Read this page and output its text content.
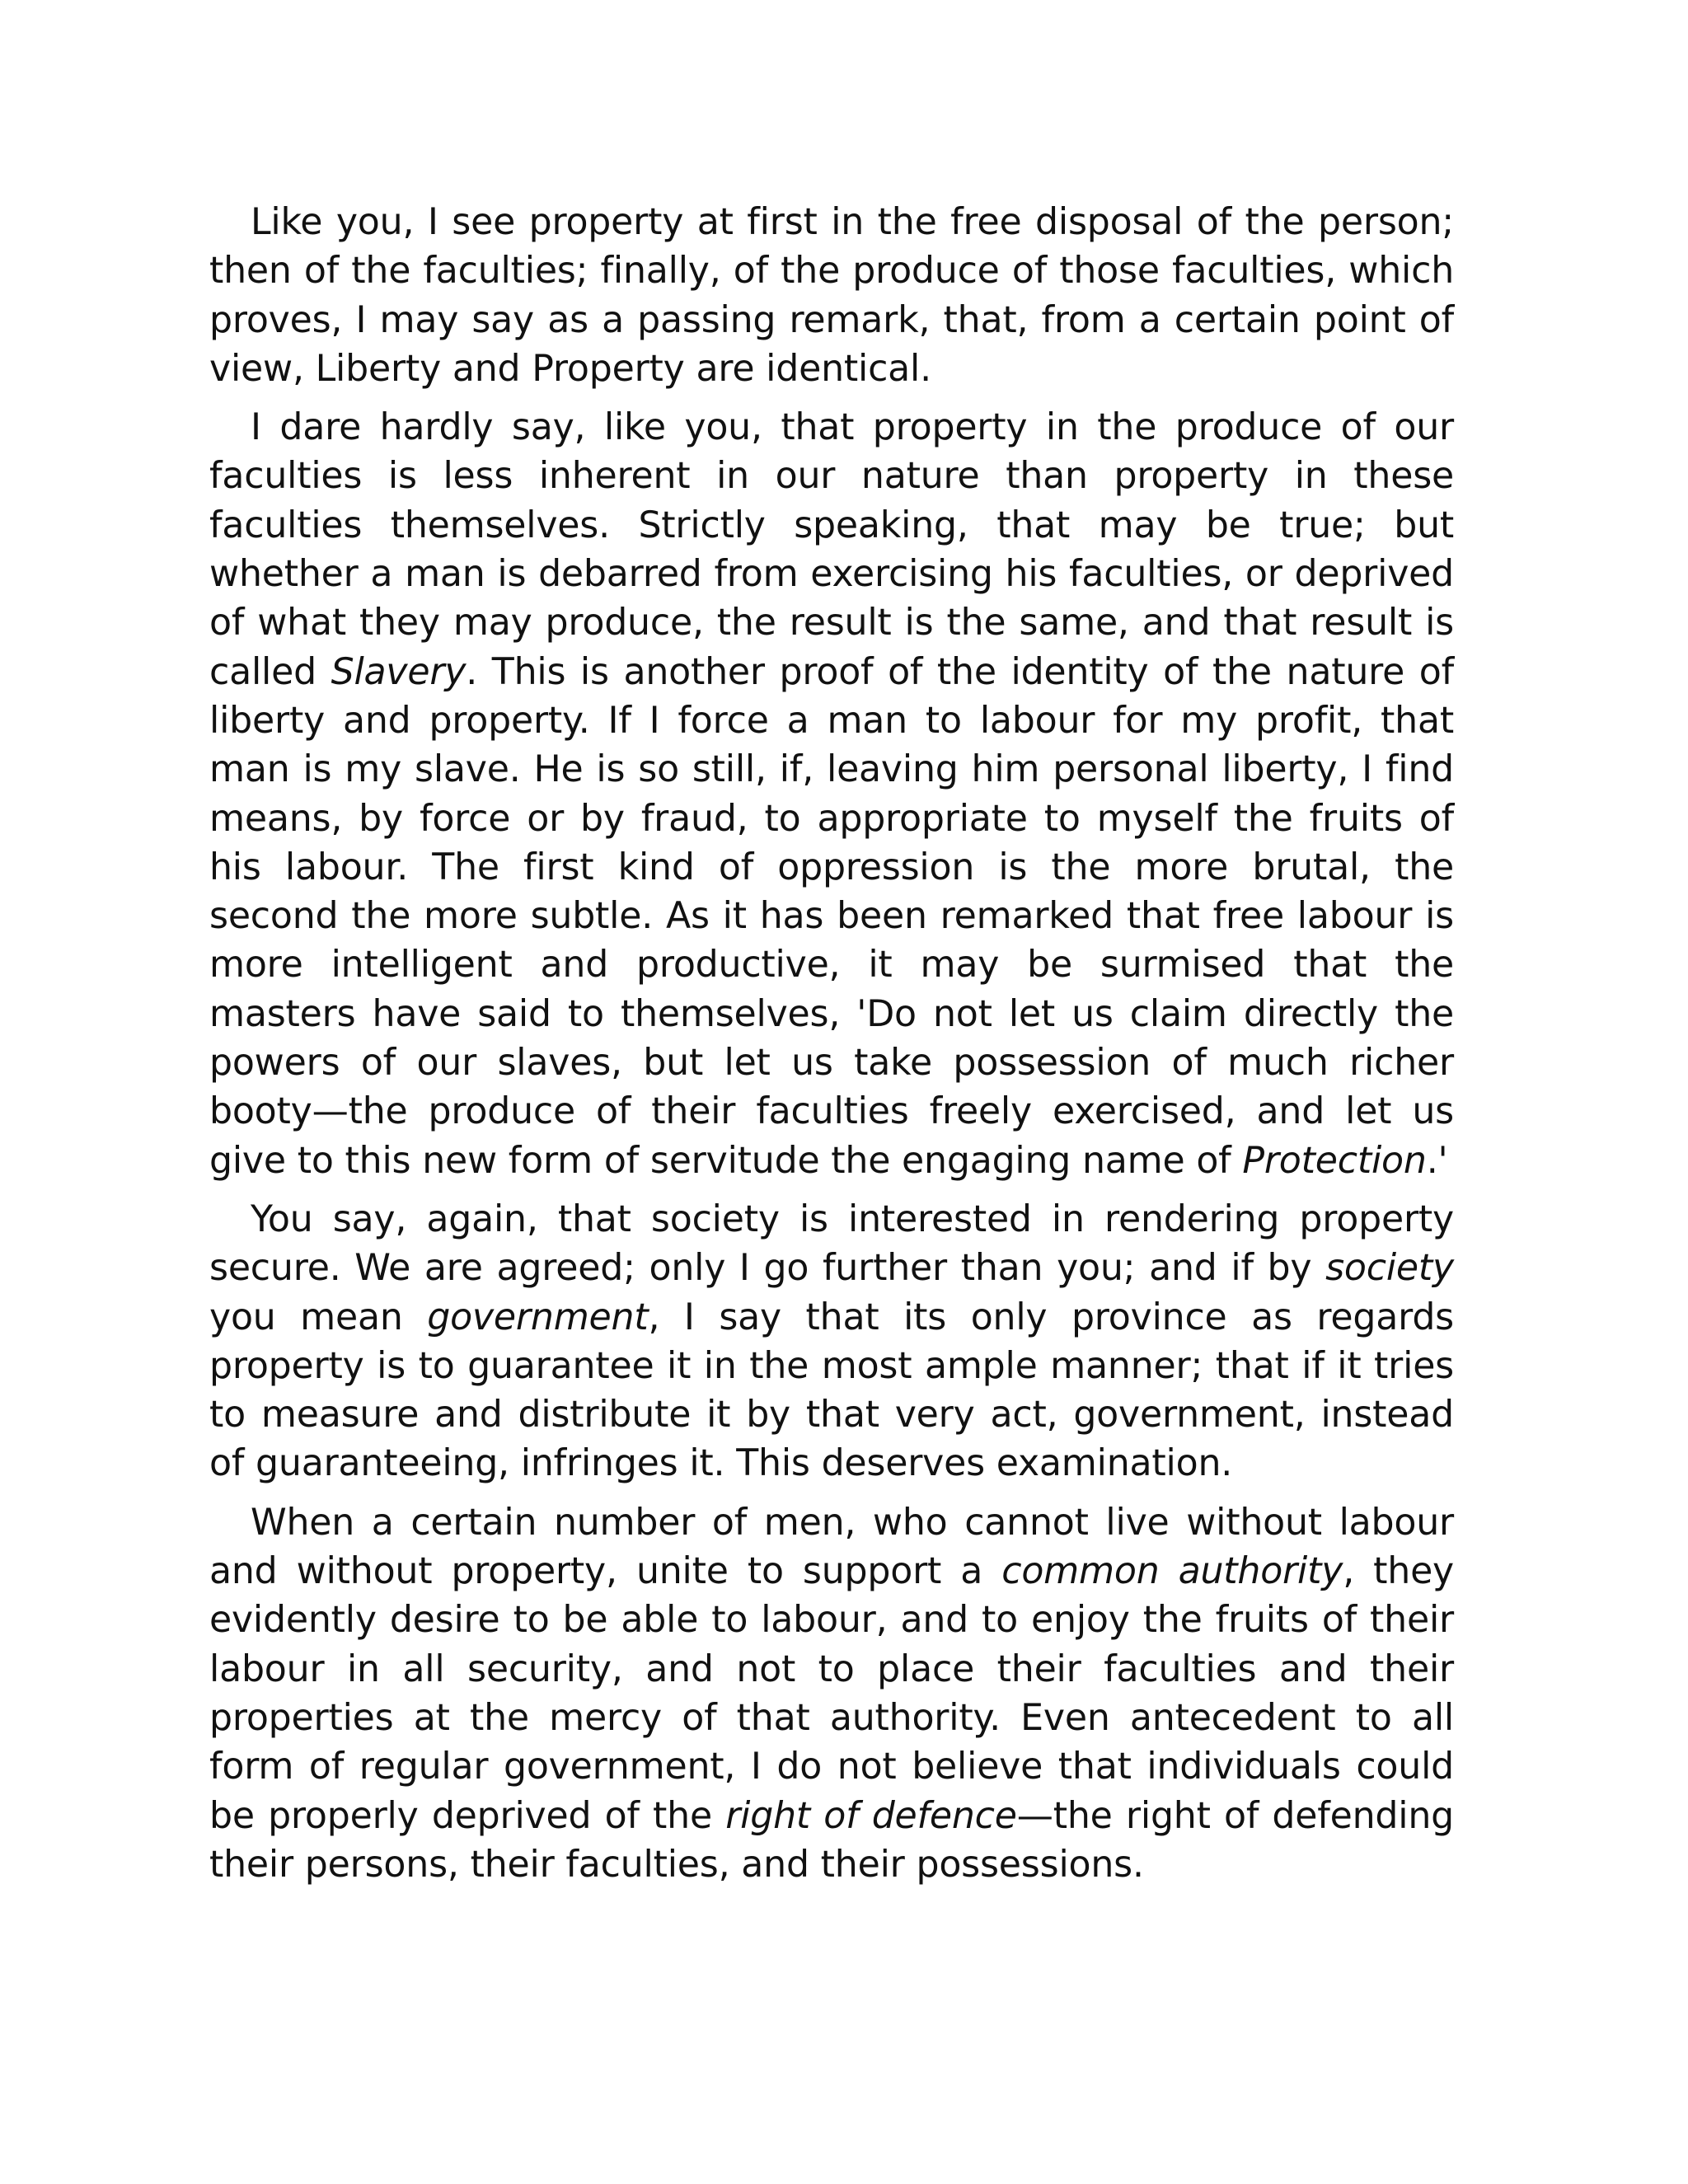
Like you, I see property at first in the free disposal of the person; then of the faculties; finally, of the produce of those faculties, which proves, I may say as a passing remark, that, from a certain point of view, Liberty and Property are identical.

I dare hardly say, like you, that property in the produce of our faculties is less inherent in our nature than property in these faculties themselves. Strictly speaking, that may be true; but whether a man is debarred from exercising his faculties, or deprived of what they may produce, the result is the same, and that result is called Slavery. This is another proof of the identity of the nature of liberty and property. If I force a man to labour for my profit, that man is my slave. He is so still, if, leaving him personal liberty, I find means, by force or by fraud, to appropriate to myself the fruits of his labour. The first kind of oppression is the more brutal, the second the more subtle. As it has been remarked that free labour is more intelligent and productive, it may be surmised that the masters have said to themselves, 'Do not let us claim directly the powers of our slaves, but let us take possession of much richer booty—the produce of their faculties freely exercised, and let us give to this new form of servitude the engaging name of Protection.'

You say, again, that society is interested in rendering property secure. We are agreed; only I go further than you; and if by society you mean government, I say that its only province as regards property is to guarantee it in the most ample manner; that if it tries to measure and distribute it by that very act, government, instead of guaranteeing, infringes it. This deserves examination.

When a certain number of men, who cannot live without labour and without property, unite to support a common authority, they evidently desire to be able to labour, and to enjoy the fruits of their labour in all security, and not to place their faculties and their properties at the mercy of that authority. Even antecedent to all form of regular government, I do not believe that individuals could be properly deprived of the right of defence—the right of defending their persons, their faculties, and their possessions.
